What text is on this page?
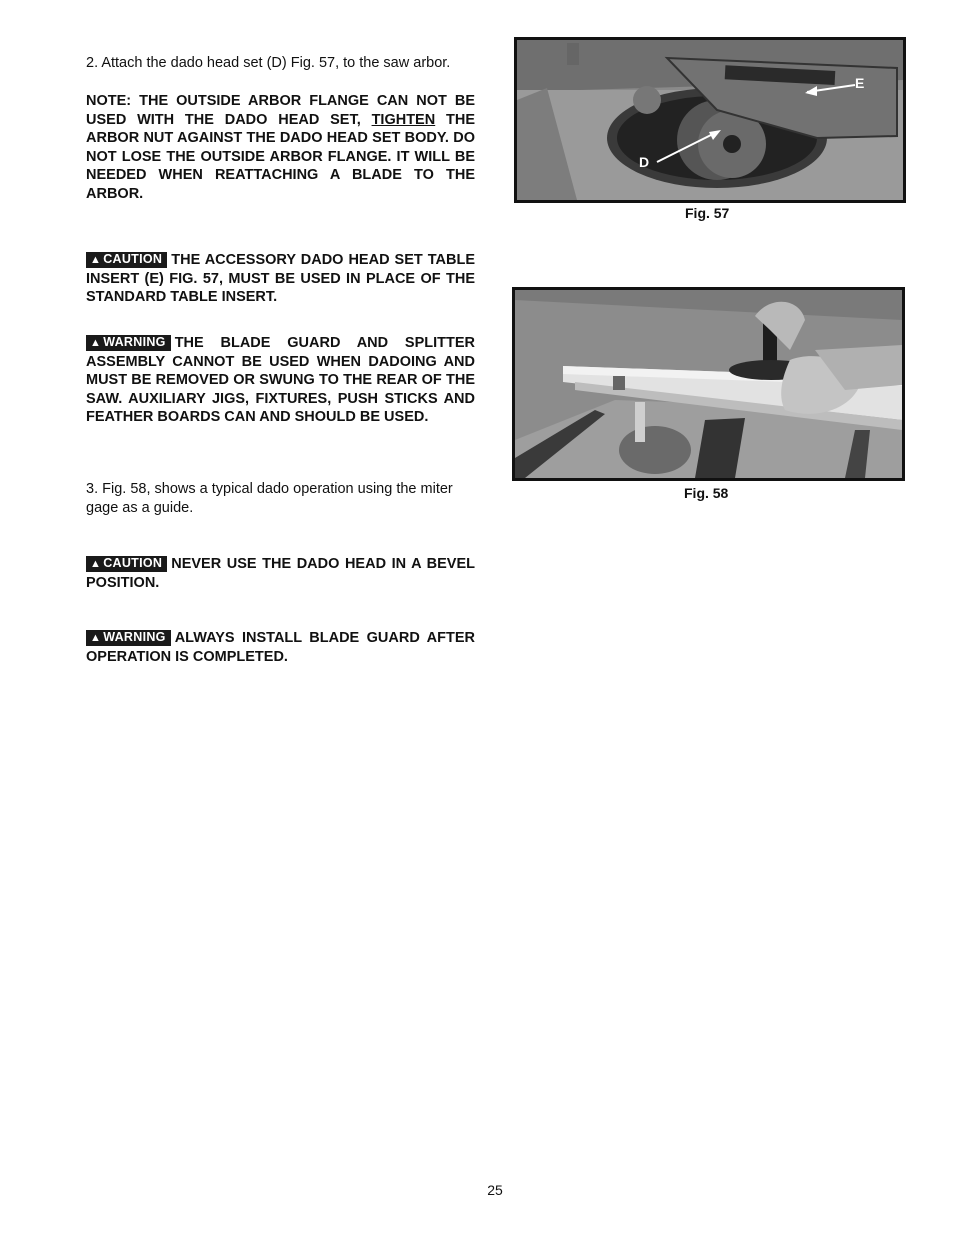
2. Attach the dado head set (D) Fig. 57, to the saw arbor.

NOTE: THE OUTSIDE ARBOR FLANGE CAN NOT BE USED WITH THE DADO HEAD SET, TIGHTEN THE ARBOR NUT AGAINST THE DADO HEAD SET BODY. DO NOT LOSE THE OUTSIDE ARBOR FLANGE. IT WILL BE NEEDED WHEN REATTACHING A BLADE TO THE ARBOR.

▲ CAUTION THE ACCESSORY DADO HEAD SET TABLE INSERT (E) FIG. 57, MUST BE USED IN PLACE OF THE STANDARD TABLE INSERT.

▲ WARNING THE BLADE GUARD AND SPLITTER ASSEMBLY CANNOT BE USED WHEN DADOING AND MUST BE REMOVED OR SWUNG TO THE REAR OF THE SAW. AUXILIARY JIGS, FIXTURES, PUSH STICKS AND FEATHER BOARDS CAN AND SHOULD BE USED.

3. Fig. 58, shows a typical dado operation using the miter gage as a guide.

▲ CAUTION NEVER USE THE DADO HEAD IN A BEVEL POSITION.

▲ WARNING ALWAYS INSTALL BLADE GUARD AFTER OPERATION IS COMPLETED.

E
D
Fig. 57
Fig. 58
25
